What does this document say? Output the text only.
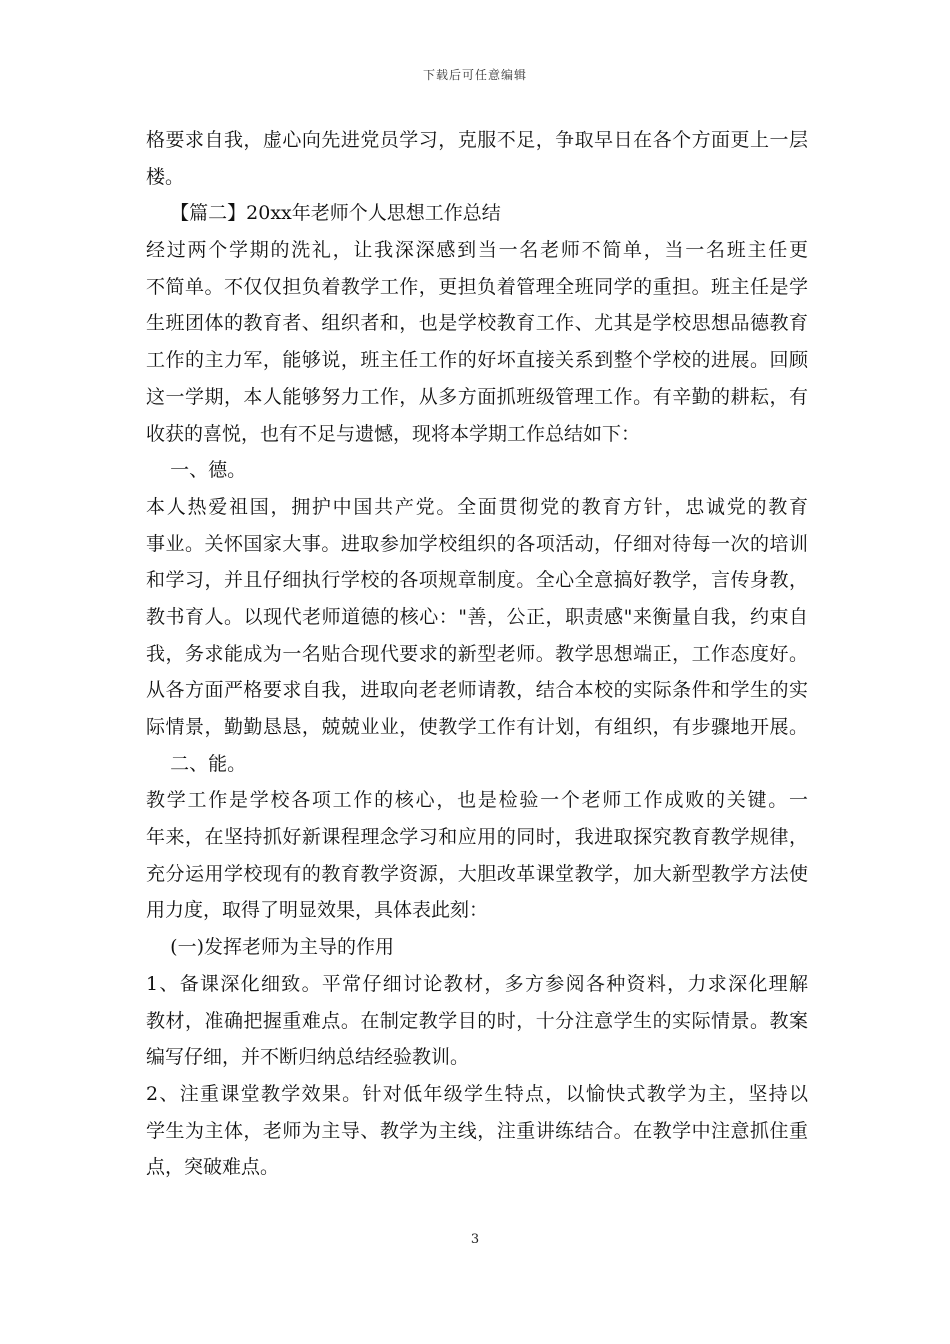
下载后可任意编辑
格要求自我，虚心向先进党员学习，克服不足，争取早日在各个方面更上一层
楼。
【篇二】20xx年老师个人思想工作总结
经过两个学期的洗礼，让我深深感到当一名老师不简单，当一名班主任更
不简单。不仅仅担负着教学工作，更担负着管理全班同学的重担。班主任是学
生班团体的教育者、组织者和，也是学校教育工作、尤其是学校思想品德教育
工作的主力军，能够说，班主任工作的好坏直接关系到整个学校的进展。回顾
这一学期，本人能够努力工作，从多方面抓班级管理工作。有辛勤的耕耘，有
收获的喜悦，也有不足与遗憾，现将本学期工作总结如下：
一、德。
本人热爱祖国，拥护中国共产党。全面贯彻党的教育方针，忠诚党的教育
事业。关怀国家大事。进取参加学校组织的各项活动，仔细对待每一次的培训
和学习，并且仔细执行学校的各项规章制度。全心全意搞好教学，言传身教，
教书育人。以现代老师道德的核心："善，公正，职责感"来衡量自我，约束自
我，务求能成为一名贴合现代要求的新型老师。教学思想端正，工作态度好。
从各方面严格要求自我，进取向老老师请教，结合本校的实际条件和学生的实
际情景，勤勤恳恳，兢兢业业，使教学工作有计划，有组织，有步骤地开展。
二、能。
教学工作是学校各项工作的核心，也是检验一个老师工作成败的关键。一
年来，在坚持抓好新课程理念学习和应用的同时，我进取探究教育教学规律，
充分运用学校现有的教育教学资源，大胆改革课堂教学，加大新型教学方法使
用力度，取得了明显效果，具体表此刻：
(一)发挥老师为主导的作用
1、备课深化细致。平常仔细讨论教材，多方参阅各种资料，力求深化理解
教材，准确把握重难点。在制定教学目的时，十分注意学生的实际情景。教案
编写仔细，并不断归纳总结经验教训。
2、注重课堂教学效果。针对低年级学生特点，以愉快式教学为主，坚持以
学生为主体，老师为主导、教学为主线，注重讲练结合。在教学中注意抓住重
点，突破难点。
3
